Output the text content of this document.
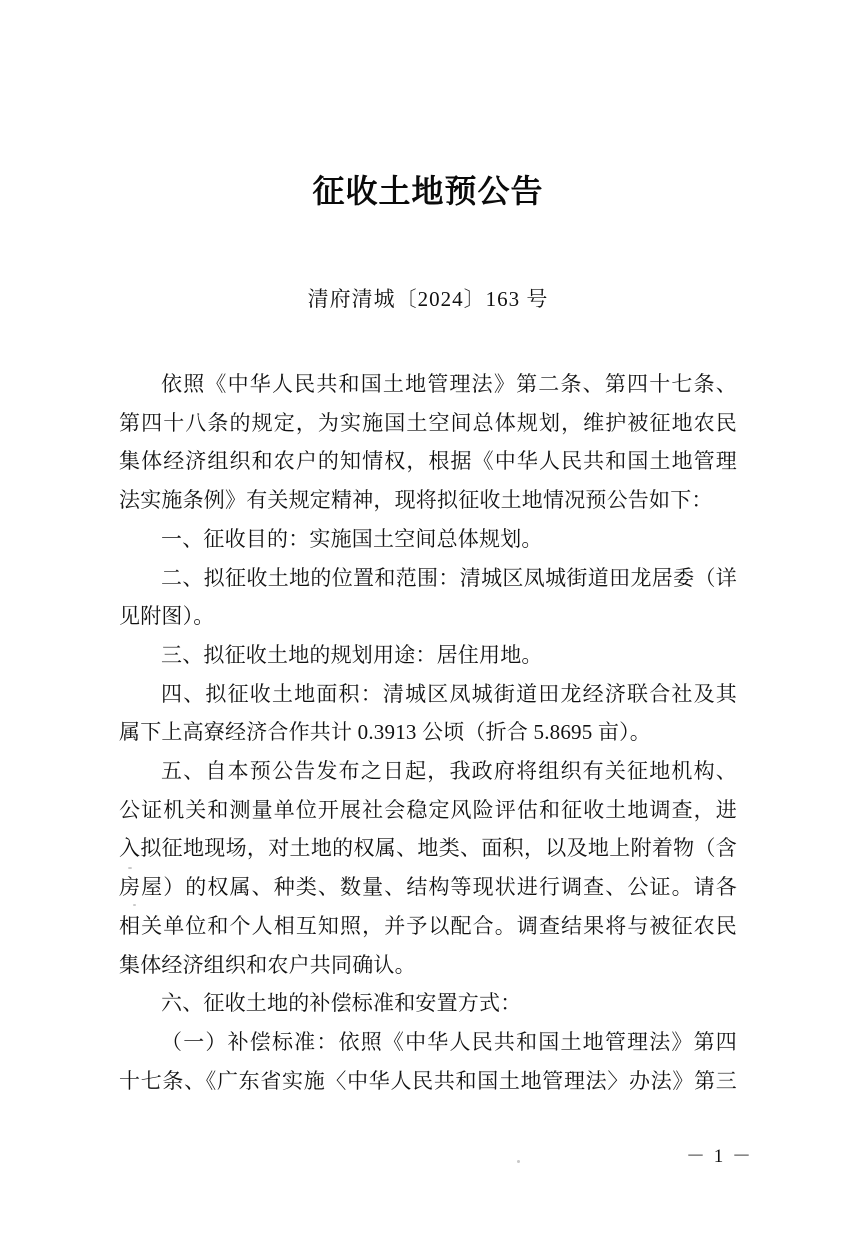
征收土地预公告
清府清城〔2024〕163 号
依照《中华人民共和国土地管理法》第二条、第四十七条、
第四十八条的规定，为实施国土空间总体规划，维护被征地农民
集体经济组织和农户的知情权，根据《中华人民共和国土地管理
法实施条例》有关规定精神，现将拟征收土地情况预公告如下：
一、征收目的：实施国土空间总体规划。
二、拟征收土地的位置和范围：清城区凤城街道田龙居委（详
见附图）。
三、拟征收土地的规划用途：居住用地。
四、拟征收土地面积：清城区凤城街道田龙经济联合社及其
属下上高寮经济合作共计 0.3913 公顷（折合 5.8695 亩）。
五、自本预公告发布之日起，我政府将组织有关征地机构、
公证机关和测量单位开展社会稳定风险评估和征收土地调查，进
入拟征地现场，对土地的权属、地类、面积，以及地上附着物（含
房屋）的权属、种类、数量、结构等现状进行调查、公证。请各
相关单位和个人相互知照，并予以配合。调查结果将与被征农民
集体经济组织和农户共同确认。
六、征收土地的补偿标准和安置方式：
（一）补偿标准：依照《中华人民共和国土地管理法》第四
十七条、《广东省实施〈中华人民共和国土地管理法〉办法》第三
－ 1 －
